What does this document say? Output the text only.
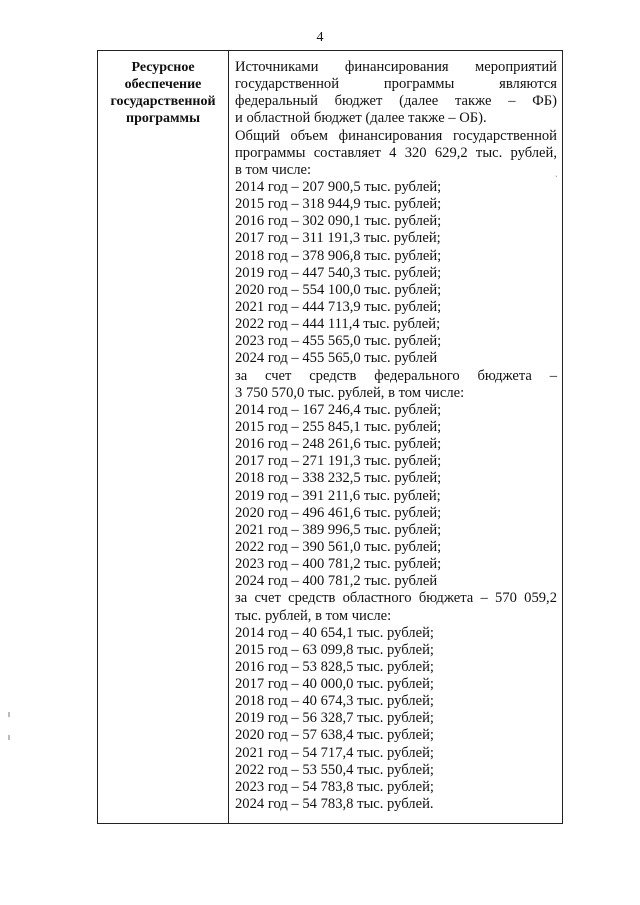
4
Ресурсное
обеспечение
государственной
программы
Источниками финансирования мероприятий
государственной программы являются
федеральный бюджет (далее также – ФБ)
и областной бюджет (далее также – ОБ).
Общий объем финансирования государственной
программы составляет 4 320 629,2 тыс. рублей,
в том числе:	ˏ
2014 год – 207 900,5 тыс. рублей;
2015 год – 318 944,9 тыс. рублей;
2016 год – 302 090,1 тыс. рублей;
2017 год – 311 191,3 тыс. рублей;
2018 год – 378 906,8 тыс. рублей;
2019 год – 447 540,3 тыс. рублей;
2020 год – 554 100,0 тыс. рублей;
2021 год – 444 713,9 тыс. рублей;
2022 год – 444 111,4 тыс. рублей;
2023 год – 455 565,0 тыс. рублей;
2024 год – 455 565,0 тыс. рублей
за счет средств федерального бюджета –
3 750 570,0 тыс. рублей, в том числе:
2014 год – 167 246,4 тыс. рублей;
2015 год – 255 845,1 тыс. рублей;
2016 год – 248 261,6 тыс. рублей;
2017 год – 271 191,3 тыс. рублей;
2018 год – 338 232,5 тыс. рублей;
2019 год – 391 211,6 тыс. рублей;
2020 год – 496 461,6 тыс. рублей;
2021 год – 389 996,5 тыс. рублей;
2022 год – 390 561,0 тыс. рублей;
2023 год – 400 781,2 тыс. рублей;
2024 год – 400 781,2 тыс. рублей
за счет средств областного бюджета – 570 059,2
тыс. рублей, в том числе:
2014 год – 40 654,1 тыс. рублей;
2015 год – 63 099,8 тыс. рублей;
2016 год – 53 828,5 тыс. рублей;
2017 год – 40 000,0 тыс. рублей;
2018 год – 40 674,3 тыс. рублей;
2019 год – 56 328,7 тыс. рублей;
2020 год – 57 638,4 тыс. рублей;
2021 год – 54 717,4 тыс. рублей;
2022 год – 53 550,4 тыс. рублей;
2023 год – 54 783,8 тыс. рублей;
2024 год – 54 783,8 тыс. рублей.
